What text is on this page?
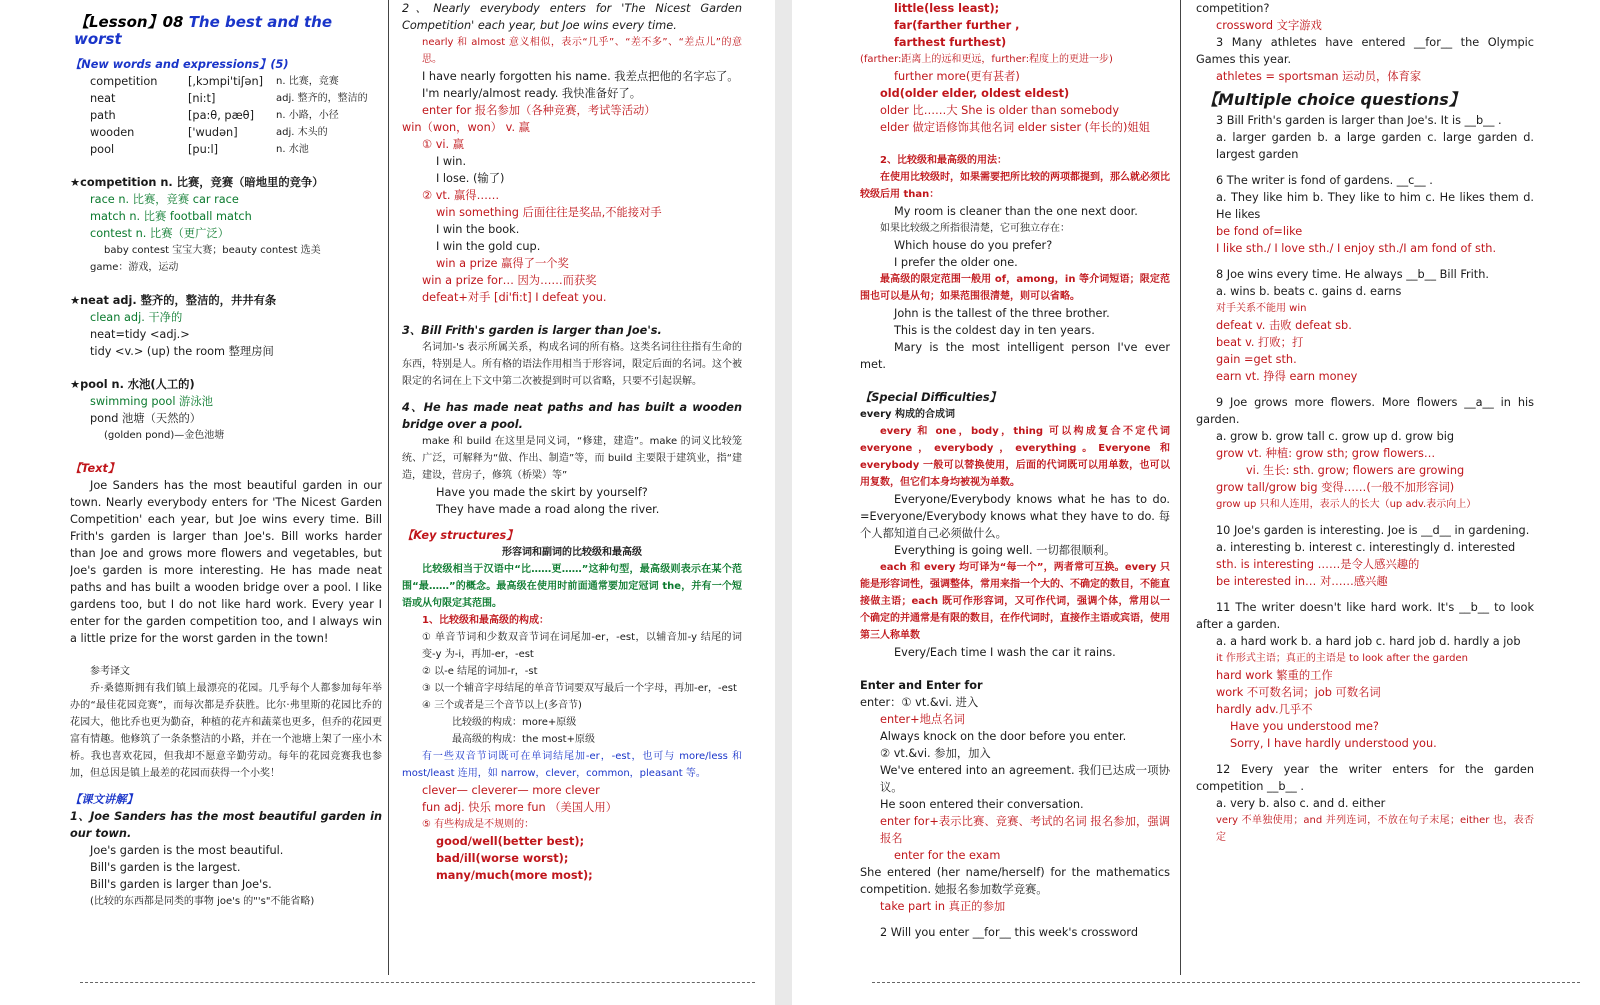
【Lesson】08 The best and the worst
【New words and expressions】(5)
competition	[,kɔmpi'tiʃən]	n. 比赛，竞赛
neat	[ni:t]	adj. 整齐的，整洁的
path	[pa:θ, pæθ]	n. 小路，小径
wooden	['wudən]	adj. 木头的
pool	[pu:l]	n. 水池
★competition n. 比赛，竞赛（暗地里的竞争）
race n. 比赛，竞赛 car race
match n. 比赛 football match
contest n. 比赛（更广泛）
baby contest 宝宝大赛；beauty contest 选美
game：游戏，运动
★neat adj. 整齐的，整洁的，井井有条
clean adj. 干净的
neat=tidy <adj.>
tidy <v.> (up) the room 整理房间
★pool n. 水池(人工的)
swimming pool 游泳池
pond 池塘（天然的）
(golden pond)—金色池塘
【Text】
Joe Sanders has the most beautiful garden in our town. Nearly everybody enters for 'The Nicest Garden Competition' each year, but Joe wins every time. Bill Frith's garden is larger than Joe's. Bill works harder than Joe and grows more flowers and vegetables, but Joe's garden is more interesting. He has made neat paths and has built a wooden bridge over a pool. I like gardens too, but I do not like hard work. Every year I enter for the garden competition too, and I always win a little prize for the worst garden in the town!
参考译文
乔·桑德斯拥有我们镇上最漂亮的花园。几乎每个人都参加每年举办的“最佳花园竞赛”，而每次都是乔获胜。比尔·弗里斯的花园比乔的花园大，他比乔也更为勤奋，种植的花卉和蔬菜也更多，但乔的花园更富有情趣。他修筑了一条条整洁的小路，并在一个池塘上架了一座小木桥。我也喜欢花园，但我却不愿意辛勤劳动。每年的花园竞赛我也参加，但总因是镇上最差的花园而获得一个小奖！
【课文讲解】
1、Joe Sanders has the most beautiful garden in our town.
Joe's garden is the most beautiful.
Bill's garden is the largest.
Bill's garden is larger than Joe's.
(比较的东西都是同类的事物 joe's 的"'s"不能省略)
2、Nearly everybody enters for 'The Nicest Garden Competition' each year, but Joe wins every time.
nearly 和 almost 意义相似，表示“几乎”、“差不多”、“差点儿”的意思。
I have nearly forgotten his name. 我差点把他的名字忘了。
I'm nearly/almost ready. 我快准备好了。
enter for 报名参加（各种竞赛，考试等活动）
win（won，won） v. 赢
① vi. 赢
I win.
I lose. (输了)
② vt. 赢得……
win something 后面往往是奖品,不能接对手
I win the book.
I win the gold cup.
win a prize 赢得了一个奖
win a prize for… 因为……而获奖
defeat+对手 [di'fi:t] I defeat you.
3、Bill Frith's garden is larger than Joe's.
名词加-'s 表示所属关系，构成名词的所有格。这类名词往往指有生命的东西，特别是人。所有格的语法作用相当于形容词，限定后面的名词。这个被限定的名词在上下文中第二次被提到时可以省略，只要不引起误解。
4、He has made neat paths and has built a wooden bridge over a pool.
make 和 build 在这里是同义词，“修建，建造”。make 的词义比较笼统、广泛，可解释为“做、作出、制造”等，而 build 主要限于建筑业，指“建造，建设，营房子，修筑（桥梁）等”
Have you made the skirt by yourself?
They have made a road along the river.
【Key structures】
形容词和副词的比较级和最高级
比较级相当于汉语中“比……更……”这种句型，最高级则表示在某个范围“最……”的概念。最高级在使用时前面通常要加定冠词 the，并有一个短语或从句限定其范围。
1、比较级和最高级的构成：
① 单音节词和少数双音节词在词尾加-er，-est，以辅音加-y 结尾的词变-y 为-i，再加-er，-est
② 以-e 结尾的词加-r，-st
③ 以一个辅音字母结尾的单音节词要双写最后一个字母，再加-er，-est
④ 三个或者是三个音节以上(多音节)
比较级的构成：more+原级
最高级的构成：the most+原级
有一些双音节词既可在单词结尾加-er，-est，也可与 more/less 和 most/least 连用，如 narrow，clever，common，pleasant 等。
clever— cleverer— more clever
fun adj. 快乐 more fun （美国人用）
⑤ 有些构成是不规则的：
good/well(better best);
bad/ill(worse worst);
many/much(more most);
little(less least);
far(farther further ,
farthest furthest)
(farther:距离上的远和更远，further:程度上的更进一步)
further more(更有甚者)
old(older elder, oldest eldest)
older 比……大 She is older than somebody
elder 做定语修饰其他名词 elder sister (年长的)姐姐
2、比较级和最高级的用法：
在使用比较级时，如果需要把所比较的两项都提到，那么就必须比较级后用 than：
My room is cleaner than the one next door.
如果比较级之所指很清楚，它可独立存在：
Which house do you prefer?
I prefer the older one.
最高级的限定范围一般用 of，among，in 等介词短语；限定范围也可以是从句；如果范围很清楚，则可以省略。
John is the tallest of the three brother.
This is the coldest day in ten years.
Mary is the most intelligent person I've ever met.
【Special Difficulties】
every 构成的合成词
every 和 one，body，thing 可以构成复合不定代词 everyone，everybody，everything。Everyone 和 everybody 一般可以替换使用，后面的代词既可以用单数，也可以用复数，但它们本身均被视为单数。
Everyone/Everybody knows what he has to do. =Everyone/Everybody knows what they have to do. 每个人都知道自己必须做什么。
Everything is going well. 一切都很顺利。
each 和 every 均可译为“每一个”，两者常可互换。every 只能是形容词性，强调整体，常用来指一个大的、不确定的数目，不能直接做主语；each 既可作形容词，又可作代词，强调个体，常用以一个确定的并通常是有限的数目，在作代词时，直接作主语或宾语，使用第三人称单数
Every/Each time I wash the car it rains.
Enter and Enter for
enter：① vt.&vi. 进入
enter+地点名词
Always knock on the door before you enter.
② vt.&vi. 参加，加入
We've entered into an agreement. 我们已达成一项协议。
He soon entered their conversation.
enter for+表示比赛、竞赛、考试的名词 报名参加，强调报名
enter for the exam
She entered (her name/herself) for the mathematics competition. 她报名参加数学竞赛。
take part in 真正的参加
2 Will you enter __for__ this week's crossword
competition?
crossword 文字游戏
3 Many athletes have entered __for__ the Olympic Games this year.
athletes = sportsman 运动员，体育家
【Multiple choice questions】
3 Bill Frith's garden is larger than Joe's. It is __b__ .
a. larger garden b. a large garden c. large garden d. largest garden
6 The writer is fond of gardens. __c__ .
a. They like him b. They like to him c. He likes them d. He likes
be fond of=like
I like sth./ I love sth./ I enjoy sth./I am fond of sth.
8 Joe wins every time. He always __b__ Bill Frith.
a. wins b. beats c. gains d. earns
对手关系不能用 win
defeat v. 击败 defeat sb.
beat v. 打败；打
gain =get sth.
earn vt. 挣得 earn money
9 Joe grows more flowers. More flowers __a__ in his garden.
a. grow b. grow tall c. grow up d. grow big
grow vt. 种植: grow sth; grow flowers…
vi. 生长: sth. grow; flowers are growing
grow tall/grow big 变得……(一般不加形容词)
grow up 只和人连用，表示人的长大（up adv.表示向上）
10 Joe's garden is interesting. Joe is __d__ in gardening.
a. interesting b. interest c. interestingly d. interested
sth. is interesting ……是令人感兴趣的
be interested in… 对……感兴趣
11 The writer doesn't like hard work. It's __b__ to look after a garden.
a. a hard work b. a hard job c. hard job d. hardly a job
it 作形式主语；真正的主语是 to look after the garden
hard work 繁重的工作
work 不可数名词；job 可数名词
hardly adv.几乎不
Have you understood me?
Sorry, I have hardly understood you.
12 Every year the writer enters for the garden competition __b__ .
a. very b. also c. and d. either
very 不单独使用；and 并列连词，不放在句子末尾；either 也，表否定
